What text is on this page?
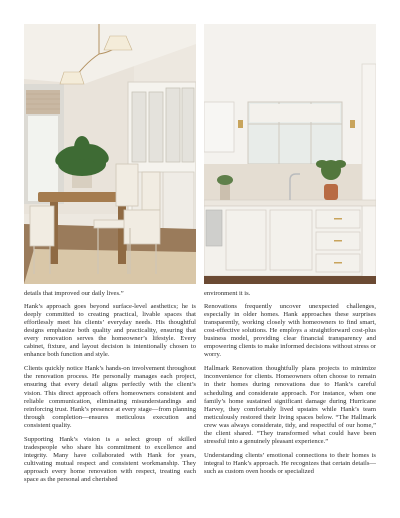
details that improved our daily lives.”

Hank’s approach goes beyond surface-level aesthetics; he is deeply committed to creating practical, livable spaces that effortlessly meet his clients’ everyday needs. His thoughtful designs emphasize both quality and practicality, ensuring that every renovation serves the homeowner’s lifestyle. Every cabinet, fixture, and layout decision is intentionally chosen to enhance both function and style.

Clients quickly notice Hank’s hands-on involvement throughout the renovation process. He personally manages each project, ensuring that every detail aligns perfectly with the client’s vision. This direct approach offers homeowners consistent and reliable communication, eliminating misunderstandings and reinforcing trust. Hank’s presence at every stage—from planning through completion—ensures meticulous execution and consistent quality.

Supporting Hank’s vision is a select group of skilled tradespeople who share his commitment to excellence and integrity. Many have collaborated with Hank for years, cultivating mutual respect and consistent workmanship. They approach every home renovation with respect, treating each space as the personal and cherished

environment it is.

Renovations frequently uncover unexpected challenges, especially in older homes. Hank approaches these surprises transparently, working closely with homeowners to find smart, cost-effective solutions. He employs a straightforward cost-plus business model, providing clear financial transparency and empowering clients to make informed decisions without stress or worry.

Hallmark Renovation thoughtfully plans projects to minimize inconvenience for clients. Homeowners often choose to remain in their homes during renovations due to Hank’s careful scheduling and considerate approach. For instance, when one family’s home sustained significant damage during Hurricane Harvey, they comfortably lived upstairs while Hank’s team meticulously restored their living spaces below. “The Hallmark crew was always considerate, tidy, and respectful of our home,” the client shared. “They transformed what could have been stressful into a genuinely pleasant experience.”

Understanding clients’ emotional connections to their homes is integral to Hank’s approach. He recognizes that certain details—such as custom oven hoods or specialized
